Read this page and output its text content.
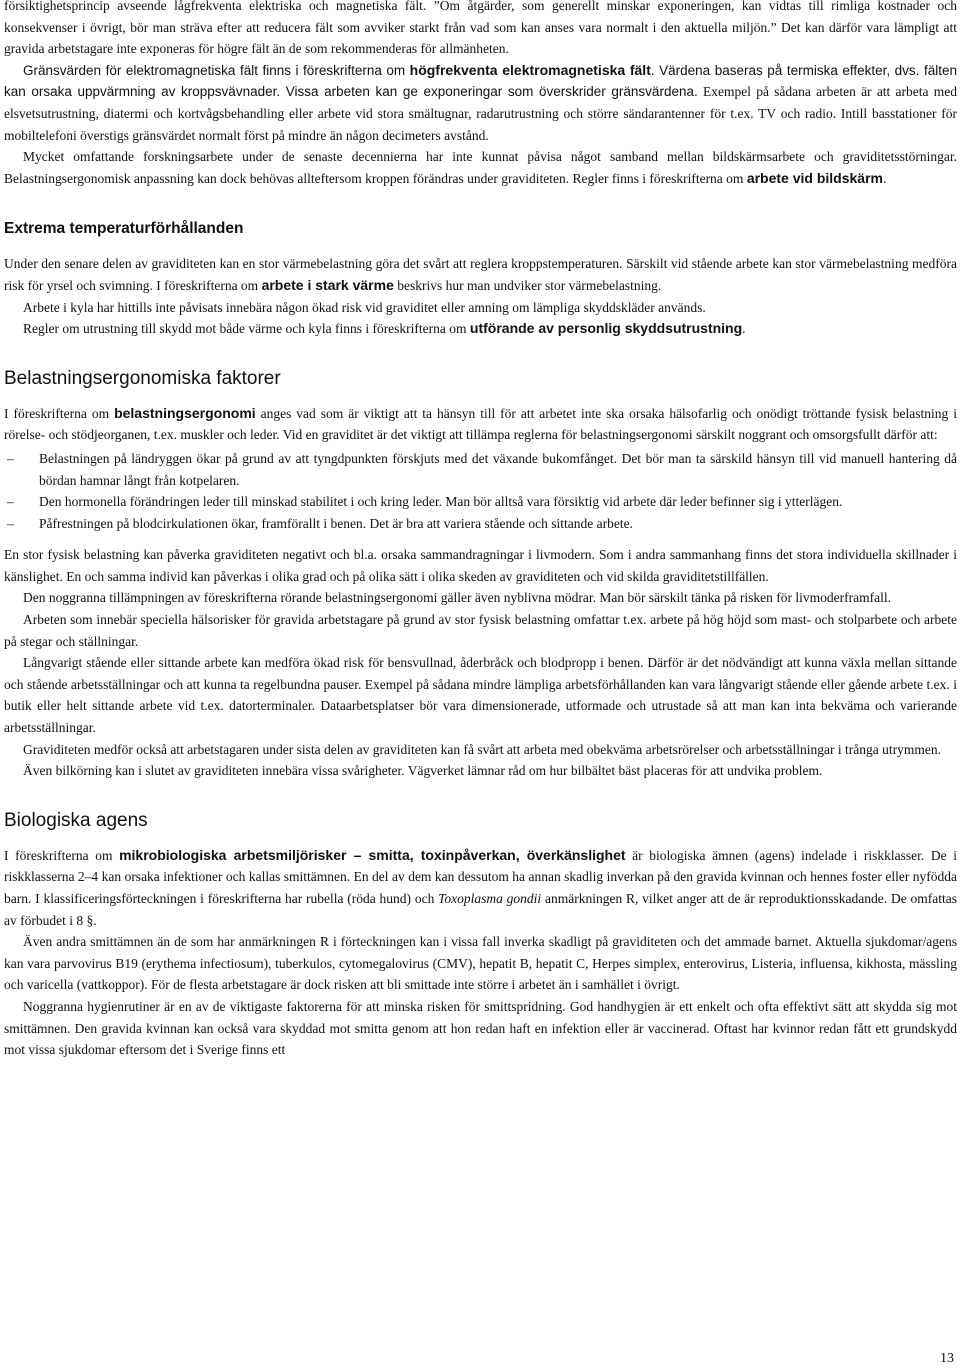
försiktighetsprincip avseende lågfrekventa elektriska och magnetiska fält. ”Om åtgärder, som generellt minskar exponeringen, kan vidtas till rimliga kostnader och konsekvenser i övrigt, bör man sträva efter att reducera fält som avviker starkt från vad som kan anses vara normalt i den aktuella miljön.” Det kan därför vara lämpligt att gravida arbetstagare inte exponeras för högre fält än de som rekommenderas för allmänheten.

Gränsvärden för elektromagnetiska fält finns i föreskrifterna om högfrekventa elektromagnetiska fält. Värdena baseras på termiska effekter, dvs. fälten kan orsaka uppvärmning av kroppsvävnader. Vissa arbeten kan ge exponeringar som överskrider gränsvärdena. Exempel på sådana arbeten är att arbeta med elsvetsutrustning, diatermi och kortvågsbehandling eller arbete vid stora smältugnar, radarutrustning och större sändarantenner för t.ex. TV och radio. Intill basstationer för mobiltelefoni överstigs gränsvärdet normalt först på mindre än någon decimeters avstånd.

Mycket omfattande forskningsarbete under de senaste decennierna har inte kunnat påvisa något samband mellan bildskärmsarbete och graviditetsstörningar. Belastningsergonomisk anpassning kan dock behövas allteftersom kroppen förändras under graviditeten. Regler finns i föreskrifterna om arbete vid bildskärm.

Extrema temperaturförhållanden

Under den senare delen av graviditeten kan en stor värmebelastning göra det svårt att reglera kroppstemperaturen. Särskilt vid stående arbete kan stor värmebelastning medföra risk för yrsel och svimning. I föreskrifterna om arbete i stark värme beskrivs hur man undviker stor värmebelastning.

Arbete i kyla har hittills inte påvisats innebära någon ökad risk vid graviditet eller amning om lämpliga skyddskläder används.

Regler om utrustning till skydd mot både värme och kyla finns i föreskrifterna om utförande av personlig skyddsutrustning.

Belastningsergonomiska faktorer

I föreskrifterna om belastningsergonomi anges vad som är viktigt att ta hänsyn till för att arbetet inte ska orsaka hälsofarlig och onödigt tröttande fysisk belastning i rörelse- och stödjeorganen, t.ex. muskler och leder. Vid en graviditet är det viktigt att tillämpa reglerna för belastningsergonomi särskilt noggrant och omsorgsfullt därför att:

– Belastningen på ländryggen ökar på grund av att tyngdpunkten förskjuts med det växande bukomfånget. Det bör man ta särskild hänsyn till vid manuell hantering då bördan hamnar långt från kotpelaren.
– Den hormonella förändringen leder till minskad stabilitet i och kring leder. Man bör alltså vara försiktig vid arbete där leder befinner sig i ytterlägen.
– Påfrestningen på blodcirkulationen ökar, framförallt i benen. Det är bra att variera stående och sittande arbete.

En stor fysisk belastning kan påverka graviditeten negativt och bl.a. orsaka sammandragningar i livmodern. Som i andra sammanhang finns det stora individuella skillnader i känslighet. En och samma individ kan påverkas i olika grad och på olika sätt i olika skeden av graviditeten och vid skilda graviditetstillfällen.

Den noggranna tillämpningen av föreskrifterna rörande belastningsergonomi gäller även nyblivna mödrar. Man bör särskilt tänka på risken för livmoderframfall.

Arbeten som innebär speciella hälsorisker för gravida arbetstagare på grund av stor fysisk belastning omfattar t.ex. arbete på hög höjd som mast- och stolparbete och arbete på stegar och ställningar.

Långvarigt stående eller sittande arbete kan medföra ökad risk för bensvullnad, åderbråck och blodpropp i benen. Därför är det nödvändigt att kunna växla mellan sittande och stående arbetsställningar och att kunna ta regelbundna pauser. Exempel på sådana mindre lämpliga arbetsförhållanden kan vara långvarigt stående eller gående arbete t.ex. i butik eller helt sittande arbete vid t.ex. datorterminaler. Dataarbetsplatser bör vara dimensionerade, utformade och utrustade så att man kan inta bekväma och varierande arbetsställningar.

Graviditeten medför också att arbetstagaren under sista delen av graviditeten kan få svårt att arbeta med obekväma arbetsrörelser och arbetsställningar i trånga utrymmen.

Även bilkörning kan i slutet av graviditeten innebära vissa svårigheter. Vägverket lämnar råd om hur bilbältet bäst placeras för att undvika problem.

Biologiska agens

I föreskrifterna om mikrobiologiska arbetsmiljörisker – smitta, toxinpåverkan, överkänslighet är biologiska ämnen (agens) indelade i riskklasser. De i riskklasserna 2–4 kan orsaka infektioner och kallas smittämnen. En del av dem kan dessutom ha annan skadlig inverkan på den gravida kvinnan och hennes foster eller nyfödda barn. I klassificeringsförteckningen i föreskrifterna har rubella (röda hund) och Toxoplasma gondii anmärkningen R, vilket anger att de är reproduktionsskadande. De omfattas av förbudet i 8 §.

Även andra smittämnen än de som har anmärkningen R i förteckningen kan i vissa fall inverka skadligt på graviditeten och det ammade barnet. Aktuella sjukdomar/agens kan vara parvovirus B19 (erythema infectiosum), tuberkulos, cytomegalovirus (CMV), hepatit B, hepatit C, Herpes simplex, enterovirus, Listeria, influensa, kikhosta, mässling och varicella (vattkoppor). För de flesta arbetstagare är dock risken att bli smittade inte större i arbetet än i samhället i övrigt.

Noggranna hygienrutiner är en av de viktigaste faktorerna för att minska risken för smittspridning. God handhygien är ett enkelt och ofta effektivt sätt att skydda sig mot smittämnen. Den gravida kvinnan kan också vara skyddad mot smitta genom att hon redan haft en infektion eller är vaccinerad. Oftast har kvinnor redan fått ett grundskydd mot vissa sjukdomar eftersom det i Sverige finns ett

13
